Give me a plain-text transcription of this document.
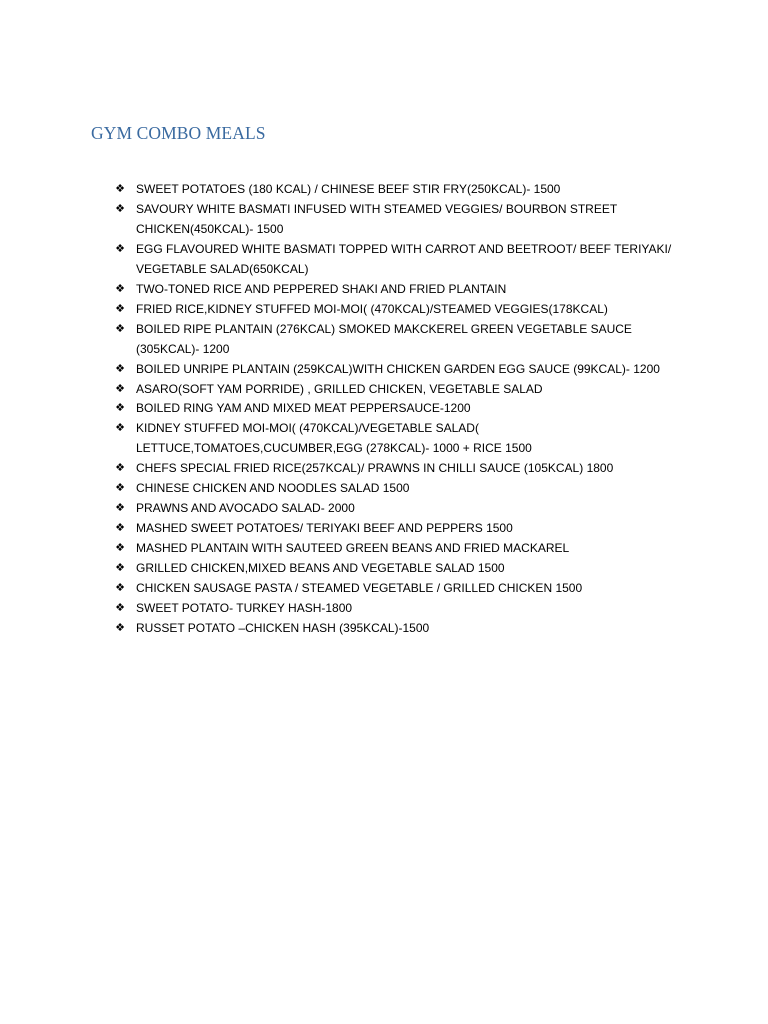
GYM COMBO MEALS
❖ SWEET POTATOES (180 KCAL) / CHINESE BEEF STIR FRY(250KCAL)- 1500
❖ SAVOURY WHITE BASMATI INFUSED WITH STEAMED VEGGIES/ BOURBON STREET
CHICKEN(450KCAL)- 1500
❖ EGG FLAVOURED WHITE BASMATI TOPPED WITH CARROT AND BEETROOT/ BEEF TERIYAKI/
VEGETABLE SALAD(650KCAL)
❖ TWO-TONED RICE AND PEPPERED SHAKI AND FRIED PLANTAIN
❖ FRIED RICE,KIDNEY STUFFED MOI-MOI( (470KCAL)/STEAMED VEGGIES(178KCAL)
❖ BOILED RIPE PLANTAIN (276KCAL) SMOKED MAKCKEREL GREEN VEGETABLE SAUCE
(305KCAL)- 1200
❖ BOILED UNRIPE PLANTAIN (259KCAL)WITH CHICKEN GARDEN EGG SAUCE (99KCAL)- 1200
❖ ASARO(SOFT YAM PORRIDE) , GRILLED CHICKEN, VEGETABLE SALAD
❖ BOILED RING YAM AND MIXED MEAT PEPPERSAUCE-1200
❖ KIDNEY STUFFED MOI-MOI( (470KCAL)/VEGETABLE SALAD(
LETTUCE,TOMATOES,CUCUMBER,EGG (278KCAL)- 1000 + RICE 1500
❖ CHEFS SPECIAL FRIED RICE(257KCAL)/ PRAWNS IN CHILLI SAUCE (105KCAL) 1800
❖ CHINESE CHICKEN AND NOODLES SALAD 1500
❖ PRAWNS AND AVOCADO SALAD- 2000
❖ MASHED SWEET POTATOES/ TERIYAKI BEEF AND PEPPERS 1500
❖ MASHED PLANTAIN WITH SAUTEED GREEN BEANS AND FRIED MACKAREL
❖ GRILLED CHICKEN,MIXED BEANS AND VEGETABLE SALAD 1500
❖ CHICKEN SAUSAGE PASTA / STEAMED VEGETABLE / GRILLED CHICKEN 1500
❖ SWEET POTATO- TURKEY HASH-1800
❖ RUSSET POTATO –CHICKEN HASH (395KCAL)-1500
